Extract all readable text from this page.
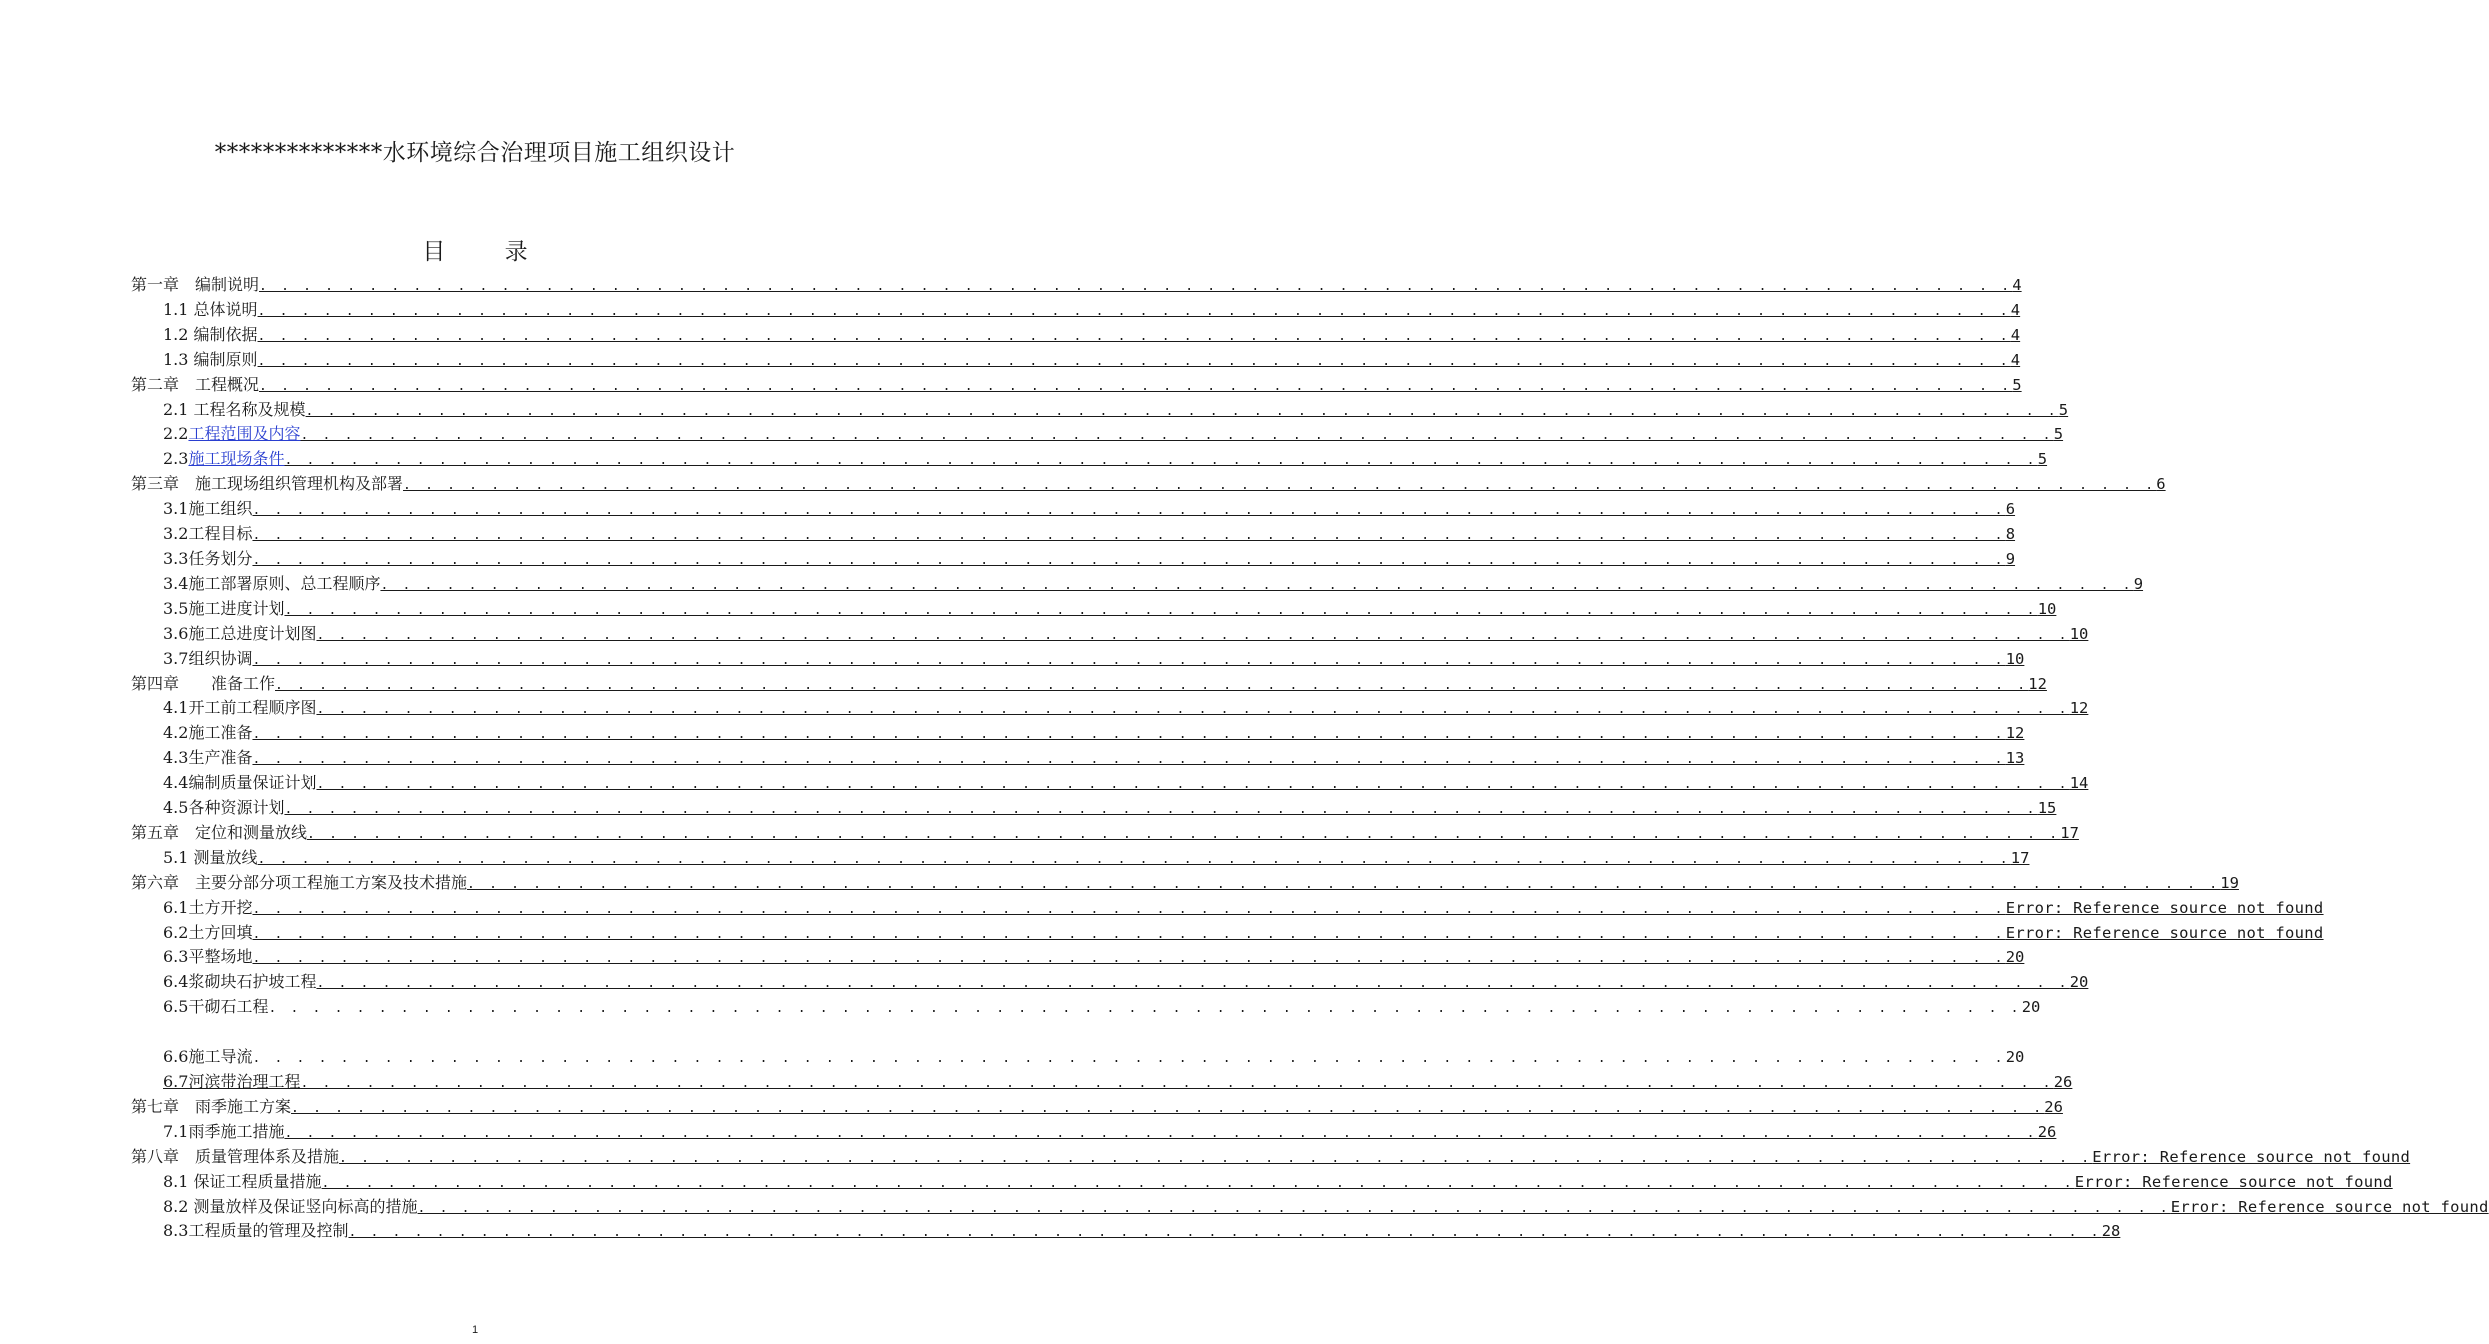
**************水环境综合治理项目施工组织设计
目 录
第一章　编制说明 . . . . . . . . . . . . . . . . . . . . . . . . . . . . . . . . . . . . . . . . . . . . . . . . . . . . . . . . . . . . . . . . . . . . . . . . . . . . . . . . 4
1.1 总体说明 . . . . . . . . . . . . . . . . . . . . . . . . . . . . . . . . . . . . . . . . . . . . . . . . . . . . . . . . . . . . . . . . . . . . . . . . . . . . . . . . 4
1.2 编制依据 . . . . . . . . . . . . . . . . . . . . . . . . . . . . . . . . . . . . . . . . . . . . . . . . . . . . . . . . . . . . . . . . . . . . . . . . . . . . . . . . 4
1.3 编制原则 . . . . . . . . . . . . . . . . . . . . . . . . . . . . . . . . . . . . . . . . . . . . . . . . . . . . . . . . . . . . . . . . . . . . . . . . . . . . . . . . 4
第二章　工程概况 . . . . . . . . . . . . . . . . . . . . . . . . . . . . . . . . . . . . . . . . . . . . . . . . . . . . . . . . . . . . . . . . . . . . . . . . . . . . . . . . 5
2.1 工程名称及规模 . . . . . . . . . . . . . . . . . . . . . . . . . . . . . . . . . . . . . . . . . . . . . . . . . . . . . . . . . . . . . . . . . . . . . . . . . . . . . . . . 5
2.2工程范围及内容 . . . . . . . . . . . . . . . . . . . . . . . . . . . . . . . . . . . . . . . . . . . . . . . . . . . . . . . . . . . . . . . . . . . . . . . . . . . . . . . . 5
2.3施工现场条件 . . . . . . . . . . . . . . . . . . . . . . . . . . . . . . . . . . . . . . . . . . . . . . . . . . . . . . . . . . . . . . . . . . . . . . . . . . . . . . . . 5
第三章　施工现场组织管理机构及部署 . . . . . . . . . . . . . . . . . . . . . . . . . . . . . . . . . . . . . . . . . . . . . . . . . . . . . . . . . . . . . . . . . . . . . . . . . . . . . . . . 6
3.1施工组织 . . . . . . . . . . . . . . . . . . . . . . . . . . . . . . . . . . . . . . . . . . . . . . . . . . . . . . . . . . . . . . . . . . . . . . . . . . . . . . . . 6
3.2工程目标 . . . . . . . . . . . . . . . . . . . . . . . . . . . . . . . . . . . . . . . . . . . . . . . . . . . . . . . . . . . . . . . . . . . . . . . . . . . . . . . . 8
3.3任务划分 . . . . . . . . . . . . . . . . . . . . . . . . . . . . . . . . . . . . . . . . . . . . . . . . . . . . . . . . . . . . . . . . . . . . . . . . . . . . . . . . 9
3.4施工部署原则、总工程顺序 . . . . . . . . . . . . . . . . . . . . . . . . . . . . . . . . . . . . . . . . . . . . . . . . . . . . . . . . . . . . . . . . . . . . . . . . . . . . . . . . 9
3.5施工进度计划 . . . . . . . . . . . . . . . . . . . . . . . . . . . . . . . . . . . . . . . . . . . . . . . . . . . . . . . . . . . . . . . . . . . . . . . . . . . . . . . . 10
3.6施工总进度计划图 . . . . . . . . . . . . . . . . . . . . . . . . . . . . . . . . . . . . . . . . . . . . . . . . . . . . . . . . . . . . . . . . . . . . . . . . . . . . . . . . 10
3.7组织协调 . . . . . . . . . . . . . . . . . . . . . . . . . . . . . . . . . . . . . . . . . . . . . . . . . . . . . . . . . . . . . . . . . . . . . . . . . . . . . . . . 10
第四章　　准备工作 . . . . . . . . . . . . . . . . . . . . . . . . . . . . . . . . . . . . . . . . . . . . . . . . . . . . . . . . . . . . . . . . . . . . . . . . . . . . . . . . 12
4.1开工前工程顺序图 . . . . . . . . . . . . . . . . . . . . . . . . . . . . . . . . . . . . . . . . . . . . . . . . . . . . . . . . . . . . . . . . . . . . . . . . . . . . . . . . 12
4.2施工准备 . . . . . . . . . . . . . . . . . . . . . . . . . . . . . . . . . . . . . . . . . . . . . . . . . . . . . . . . . . . . . . . . . . . . . . . . . . . . . . . . 12
4.3生产准备 . . . . . . . . . . . . . . . . . . . . . . . . . . . . . . . . . . . . . . . . . . . . . . . . . . . . . . . . . . . . . . . . . . . . . . . . . . . . . . . . 13
4.4编制质量保证计划 . . . . . . . . . . . . . . . . . . . . . . . . . . . . . . . . . . . . . . . . . . . . . . . . . . . . . . . . . . . . . . . . . . . . . . . . . . . . . . . . 14
4.5各种资源计划 . . . . . . . . . . . . . . . . . . . . . . . . . . . . . . . . . . . . . . . . . . . . . . . . . . . . . . . . . . . . . . . . . . . . . . . . . . . . . . . . 15
第五章　定位和测量放线 . . . . . . . . . . . . . . . . . . . . . . . . . . . . . . . . . . . . . . . . . . . . . . . . . . . . . . . . . . . . . . . . . . . . . . . . . . . . . . . . 17
5.1 测量放线 . . . . . . . . . . . . . . . . . . . . . . . . . . . . . . . . . . . . . . . . . . . . . . . . . . . . . . . . . . . . . . . . . . . . . . . . . . . . . . . . 17
第六章　主要分部分项工程施工方案及技术措施 . . . . . . . . . . . . . . . . . . . . . . . . . . . . . . . . . . . . . . . . . . . . . . . . . . . . . . . . . . . . . . . . . . . . . . . . . . . . . . . . 19
6.1土方开挖 . . . . . . . . . . . . . . . . . . . . . . . . . . . . . . . . . . . . . . . . . . . . . . . . . . . . . . . . . . . . . . . . . . . . . . . . . . . . . . . . Error: Reference source not found
6.2土方回填 . . . . . . . . . . . . . . . . . . . . . . . . . . . . . . . . . . . . . . . . . . . . . . . . . . . . . . . . . . . . . . . . . . . . . . . . . . . . . . . . Error: Reference source not found
6.3平整场地 . . . . . . . . . . . . . . . . . . . . . . . . . . . . . . . . . . . . . . . . . . . . . . . . . . . . . . . . . . . . . . . . . . . . . . . . . . . . . . . . 20
6.4浆砌块石护坡工程 . . . . . . . . . . . . . . . . . . . . . . . . . . . . . . . . . . . . . . . . . . . . . . . . . . . . . . . . . . . . . . . . . . . . . . . . . . . . . . . . 20
6.5干砌石工程 . . . . . . . . . . . . . . . . . . . . . . . . . . . . . . . . . . . . . . . . . . . . . . . . . . . . . . . . . . . . . . . . . . . . . . . . . . . . . . . . 20
6.6施工导流 . . . . . . . . . . . . . . . . . . . . . . . . . . . . . . . . . . . . . . . . . . . . . . . . . . . . . . . . . . . . . . . . . . . . . . . . . . . . . . . . 20
6.7河滨带治理工程 . . . . . . . . . . . . . . . . . . . . . . . . . . . . . . . . . . . . . . . . . . . . . . . . . . . . . . . . . . . . . . . . . . . . . . . . . . . . . . . . 26
第七章　雨季施工方案 . . . . . . . . . . . . . . . . . . . . . . . . . . . . . . . . . . . . . . . . . . . . . . . . . . . . . . . . . . . . . . . . . . . . . . . . . . . . . . . . 26
7.1雨季施工措施 . . . . . . . . . . . . . . . . . . . . . . . . . . . . . . . . . . . . . . . . . . . . . . . . . . . . . . . . . . . . . . . . . . . . . . . . . . . . . . . . 26
第八章　质量管理体系及措施 . . . . . . . . . . . . . . . . . . . . . . . . . . . . . . . . . . . . . . . . . . . . . . . . . . . . . . . . . . . . . . . . . . . . . . . . . . . . . . . . Error: Reference source not found
8.1 保证工程质量措施 . . . . . . . . . . . . . . . . . . . . . . . . . . . . . . . . . . . . . . . . . . . . . . . . . . . . . . . . . . . . . . . . . . . . . . . . . . . . . . . . Error: Reference source not found
8.2 测量放样及保证竖向标高的措施 . . . . . . . . . . . . . . . . . . . . . . . . . . . . . . . . . . . . . . . . . . . . . . . . . . . . . . . . . . . . . . . . . . . . . . . . . . . . . . . . Error: Reference source not found
8.3工程质量的管理及控制 . . . . . . . . . . . . . . . . . . . . . . . . . . . . . . . . . . . . . . . . . . . . . . . . . . . . . . . . . . . . . . . . . . . . . . . . . . . . . . . . 28
1
